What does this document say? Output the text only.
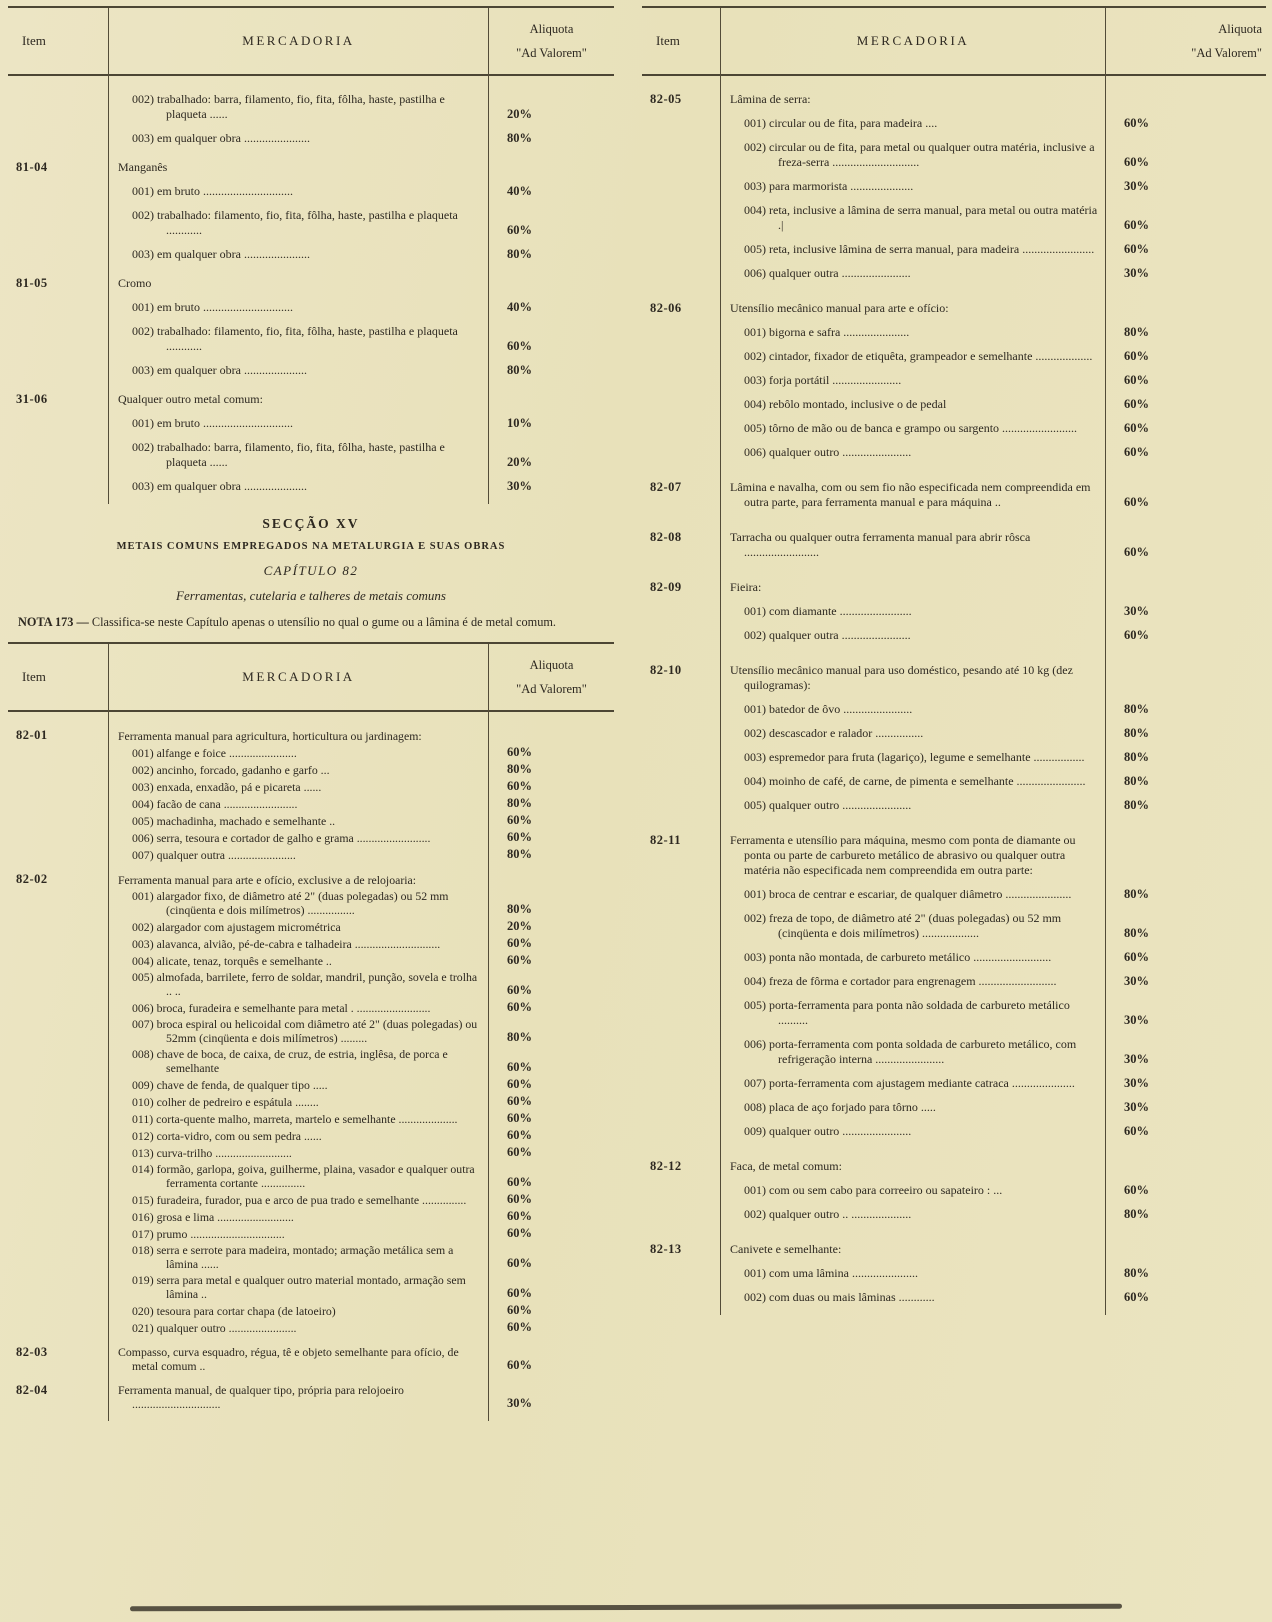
Item	MERCADORIA
Aliquota
"Ad Valorem"
002) trabalhado: barra, filamento, fio, fita, fôlha, haste, pastilha e plaqueta ......	20%
003) em qualquer obra ......................	80%
81-04	Manganês
001) em bruto ..............................	40%
002) trabalhado: filamento, fio, fita, fôlha, haste, pastilha e plaqueta ............	60%
003) em qualquer obra ......................	80%
81-05	Cromo
001) em bruto ..............................	40%
002) trabalhado: filamento, fio, fita, fôlha, haste, pastilha e plaqueta ............	60%
003) em qualquer obra .....................	80%
31-06	Qualquer outro metal comum:
001) em bruto ..............................	10%
002) trabalhado: barra, filamento, fio, fita, fôlha, haste, pastilha e plaqueta ......	20%
003) em qualquer obra .....................	30%
SECÇÃO XV
METAIS COMUNS EMPREGADOS NA METALURGIA E SUAS OBRAS
CAPÍTULO 82
Ferramentas, cutelaria e talheres de metais comuns

NOTA 173 — Classifica-se neste Capítulo apenas o utensílio no qual o gume ou a lâmina é de metal comum.

Item	MERCADORIA
Aliquota
"Ad Valorem"
82-01	Ferramenta manual para agricultura, horticultura ou jardinagem:
001) alfange e foice .......................	60%
002) ancinho, forcado, gadanho e garfo ...	80%
003) enxada, enxadão, pá e picareta ......	60%
004) facão de cana .........................	80%
005) machadinha, machado e semelhante ..	60%
006) serra, tesoura e cortador de galho e grama .........................	60%
007) qualquer outra .......................	80%
82-02	Ferramenta manual para arte e ofício, exclusive a de relojoaria:
001) alargador fixo, de diâmetro até 2" (duas polegadas) ou 52 mm (cinqüenta e dois milímetros) ................	80%
002) alargador com ajustagem micrométrica	20%
003) alavanca, alvião, pé-de-cabra e talhadeira .............................	60%
004) alicate, tenaz, torquês e semelhante ..	60%
005) almofada, barrilete, ferro de soldar, mandril, punção, sovela e trolha .. ..	60%
006) broca, furadeira e semelhante para metal . .........................	60%
007) broca espiral ou helicoidal com diâmetro até 2" (duas polegadas) ou 52mm (cinqüenta e dois milímetros) .........	80%
008) chave de boca, de caixa, de cruz, de estria, inglêsa, de porca e semelhante	60%
009) chave de fenda, de qualquer tipo .....	60%
010) colher de pedreiro e espátula ........	60%
011) corta-quente malho, marreta, martelo e semelhante ....................	60%
012) corta-vidro, com ou sem pedra ......	60%
013) curva-trilho ..........................	60%
014) formão, garlopa, goiva, guilherme, plaina, vasador e qualquer outra ferramenta cortante ...............	60%
015) furadeira, furador, pua e arco de pua trado e semelhante ...............	60%
016) grosa e lima ..........................	60%
017) prumo ................................	60%
018) serra e serrote para madeira, montado; armação metálica sem a lâmina ......	60%
019) serra para metal e qualquer outro material montado, armação sem lâmina ..	60%
020) tesoura para cortar chapa (de latoeiro)	60%
021) qualquer outro .......................	60%
82-03	Compasso, curva esquadro, régua, tê e objeto semelhante para ofício, de metal comum ..	60%
82-04	Ferramenta manual, de qualquer tipo, própria para relojoeiro ..............................	30%
Item	MERCADORIA
Aliquota
"Ad Valorem"
82-05	Lâmina de serra:
001) circular ou de fita, para madeira ....	60%
002) circular ou de fita, para metal ou qualquer outra matéria, inclusive a freza-serra .............................	60%
003) para marmorista .....................	30%
004) reta, inclusive a lâmina de serra manual, para metal ou outra matéria .|	60%
005) reta, inclusive lâmina de serra manual, para madeira ........................	60%
006) qualquer outra .......................	30%
82-06	Utensílio mecânico manual para arte e ofício:
001) bigorna e safra ......................	80%
002) cintador, fixador de etiquêta, grampeador e semelhante ...................	60%
003) forja portátil .......................	60%
004) rebôlo montado, inclusive o de pedal	60%
005) tôrno de mão ou de banca e grampo ou sargento .........................	60%
006) qualquer outro .......................	60%
82-07	Lâmina e navalha, com ou sem fio não especificada nem compreendida em outra parte, para ferramenta manual e para máquina ..	60%
82-08	Tarracha ou qualquer outra ferramenta manual para abrir rôsca .........................	60%
82-09	Fieira:
001) com diamante ........................	30%
002) qualquer outra .......................	60%
82-10	Utensílio mecânico manual para uso doméstico, pesando até 10 kg (dez quilogramas):
001) batedor de ôvo .......................	80%
002) descascador e ralador ................	80%
003) espremedor para fruta (lagariço), legume e semelhante .................	80%
004) moinho de café, de carne, de pimenta e semelhante .......................	80%
005) qualquer outro .......................	80%
82-11	Ferramenta e utensílio para máquina, mesmo com ponta de diamante ou ponta ou parte de carbureto metálico de abrasivo ou qualquer outra matéria não especificada nem compreendida em outra parte:
001) broca de centrar e escariar, de qualquer diâmetro ......................	80%
002) freza de topo, de diâmetro até 2" (duas polegadas) ou 52 mm (cinqüenta e dois milímetros) ...................	80%
003) ponta não montada, de carbureto metálico ..........................	60%
004) freza de fôrma e cortador para engrenagem ..........................	30%
005) porta-ferramenta para ponta não soldada de carbureto metálico ..........	30%
006) porta-ferramenta com ponta soldada de carbureto metálico, com refrigeração interna .......................	30%
007) porta-ferramenta com ajustagem mediante catraca .....................	30%
008) placa de aço forjado para tôrno .....	30%
009) qualquer outro .......................	60%
82-12	Faca, de metal comum:
001) com ou sem cabo para correeiro ou sapateiro : ...	60%
002) qualquer outro .. ....................	80%
82-13	Canivete e semelhante:
001) com uma lâmina ......................	80%
002) com duas ou mais lâminas ............	60%
